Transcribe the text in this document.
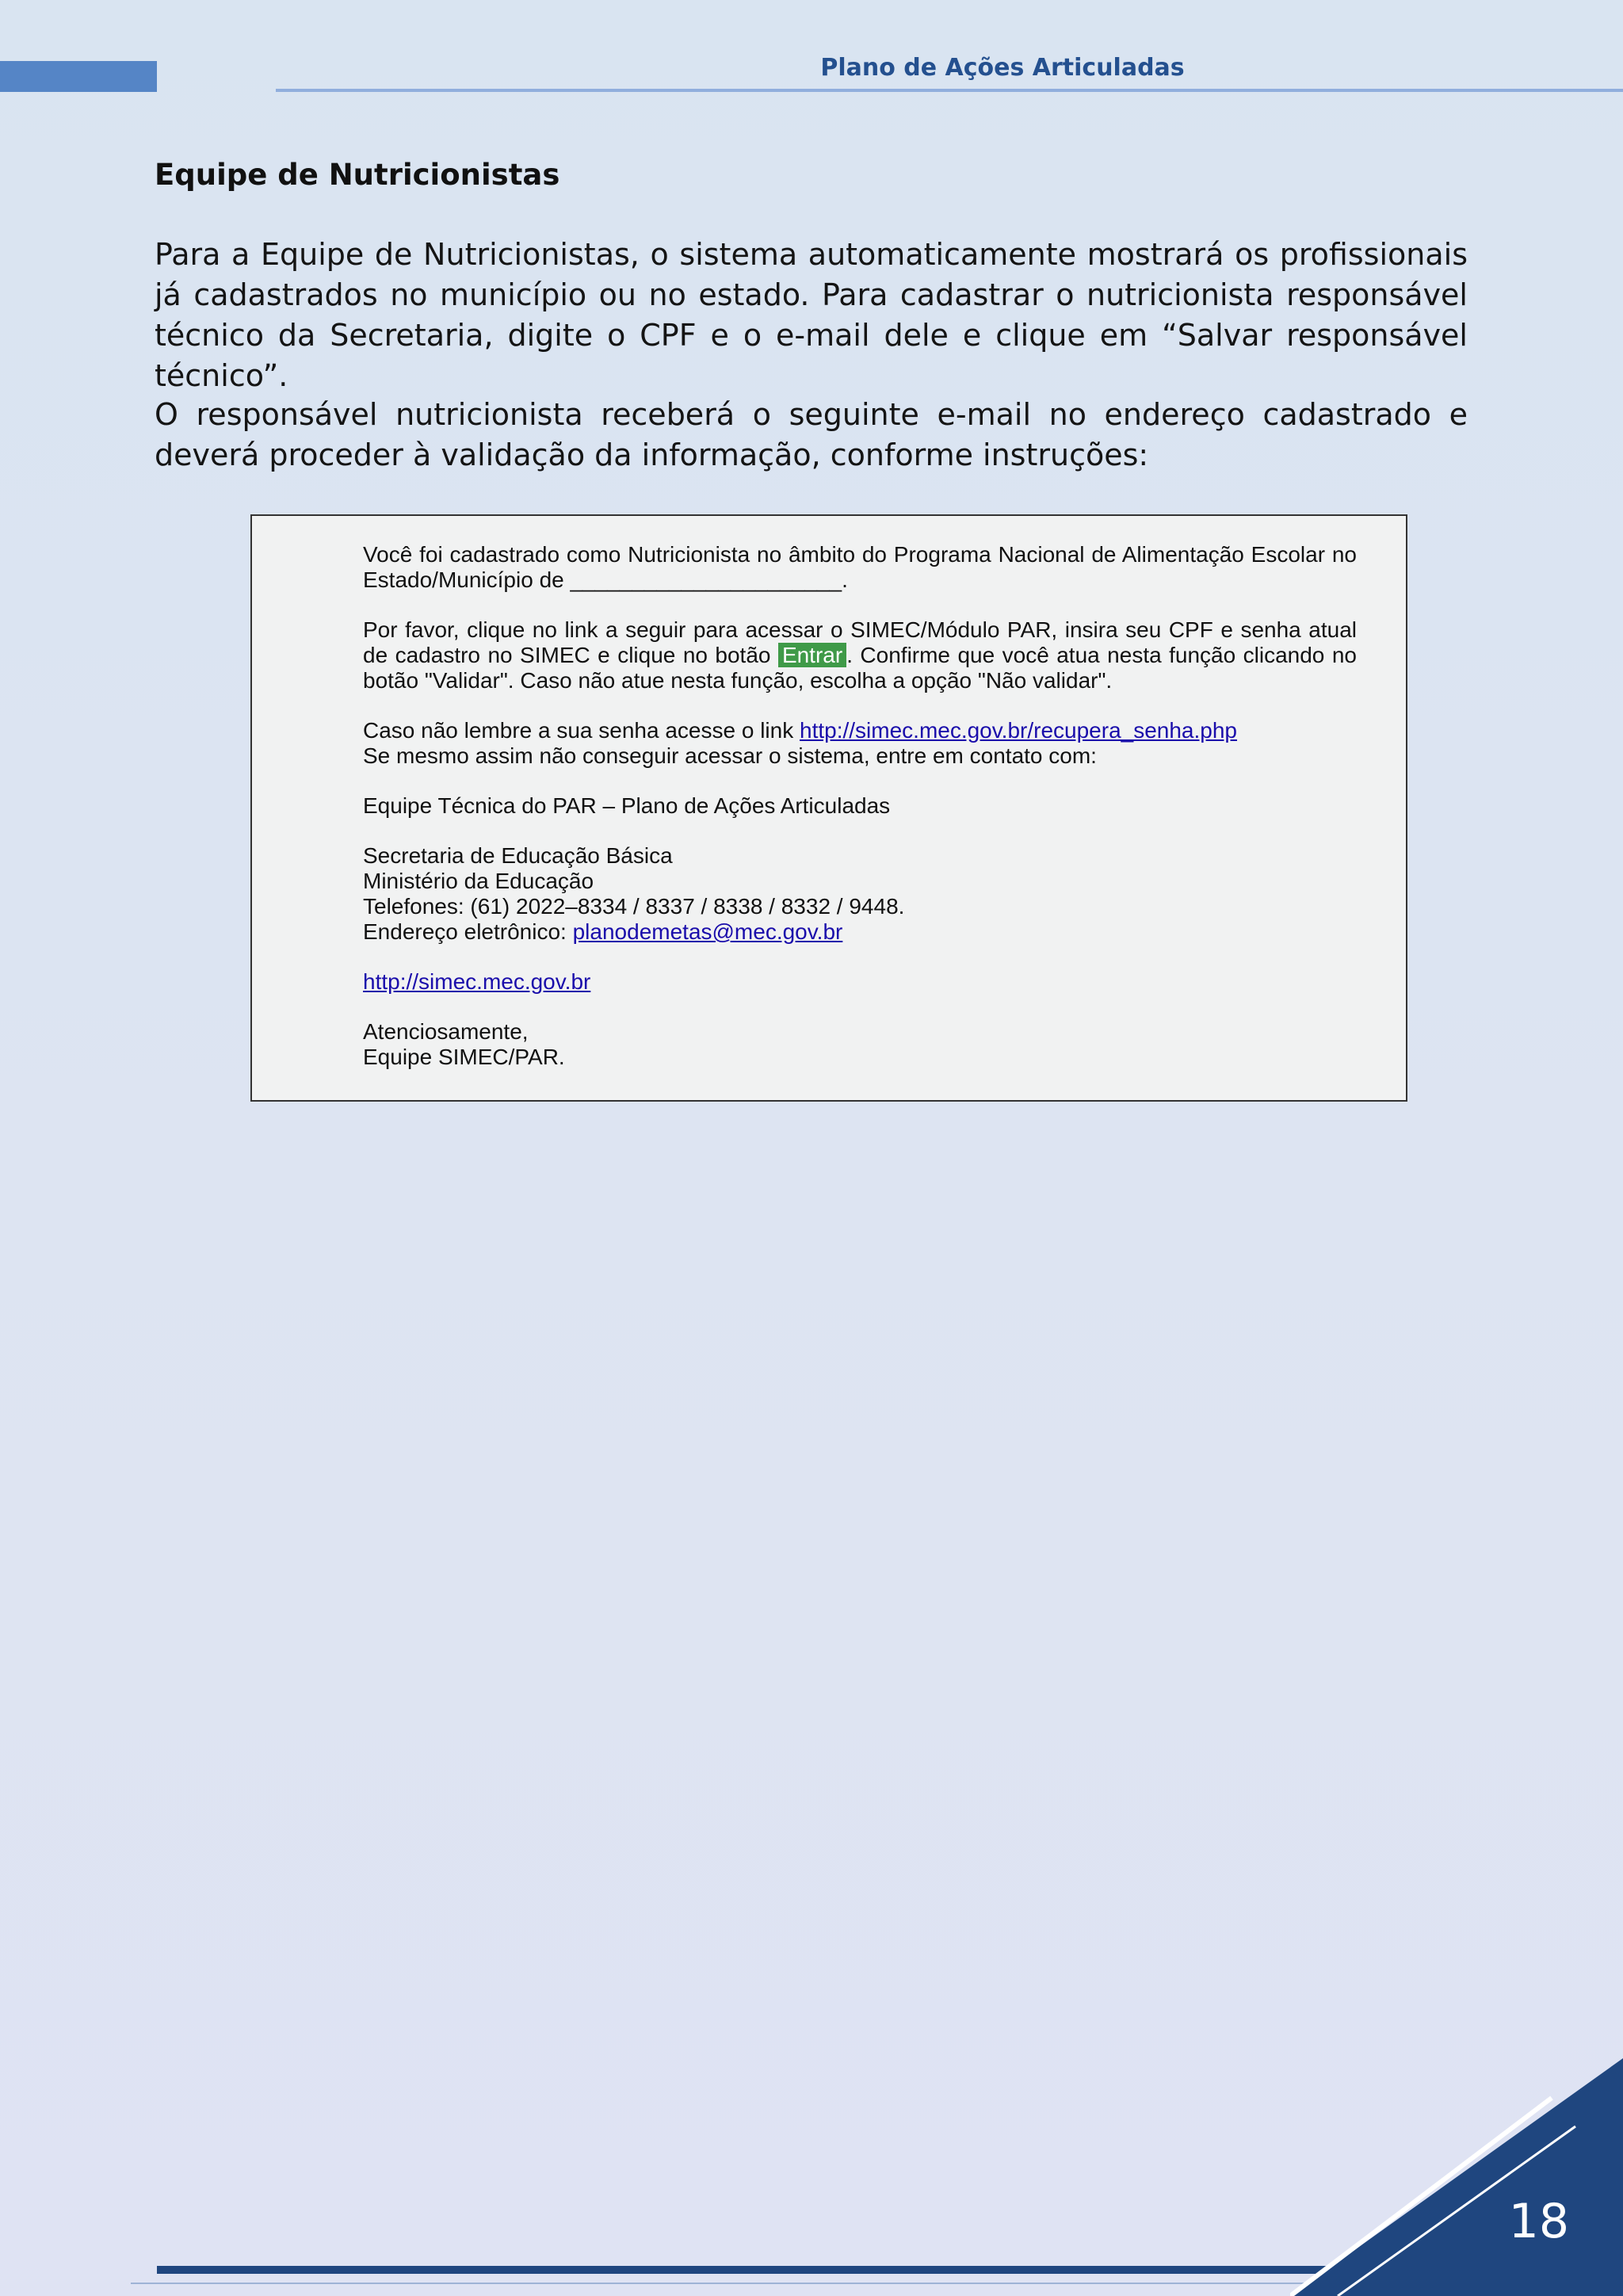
Plano de Ações Articuladas
Equipe de Nutricionistas

Para a Equipe de Nutricionistas, o sistema automaticamente mostrará os profissionais já cadastrados no município ou no estado. Para cadastrar o nutricionista responsável técnico da Secretaria, digite o CPF e o e-mail dele e clique em “Salvar responsável técnico”.

O responsável nutricionista receberá o seguinte e-mail no endereço cadastrado e deverá proceder à validação da informação, conforme instruções:

Você foi cadastrado como Nutricionista no âmbito do Programa Nacional de Alimentação Escolar no Estado/Município de ______________________.

Por favor, clique no link a seguir para acessar o SIMEC/Módulo PAR, insira seu CPF e senha atual de cadastro no SIMEC e clique no botão Entrar . Confirme que você atua nesta função clicando no botão "Validar". Caso não atue nesta função, escolha a opção "Não validar".

Caso não lembre a sua senha acesse o link http://simec.mec.gov.br/recupera_senha.php
Se mesmo assim não conseguir acessar o sistema, entre em contato com:

Equipe Técnica do PAR – Plano de Ações Articuladas

Secretaria de Educação Básica
Ministério da Educação
Telefones: (61) 2022–8334 / 8337 / 8338 / 8332 / 9448.
Endereço eletrônico: planodemetas@mec.gov.br

http://simec.mec.gov.br

Atenciosamente,
Equipe SIMEC/PAR.

18
